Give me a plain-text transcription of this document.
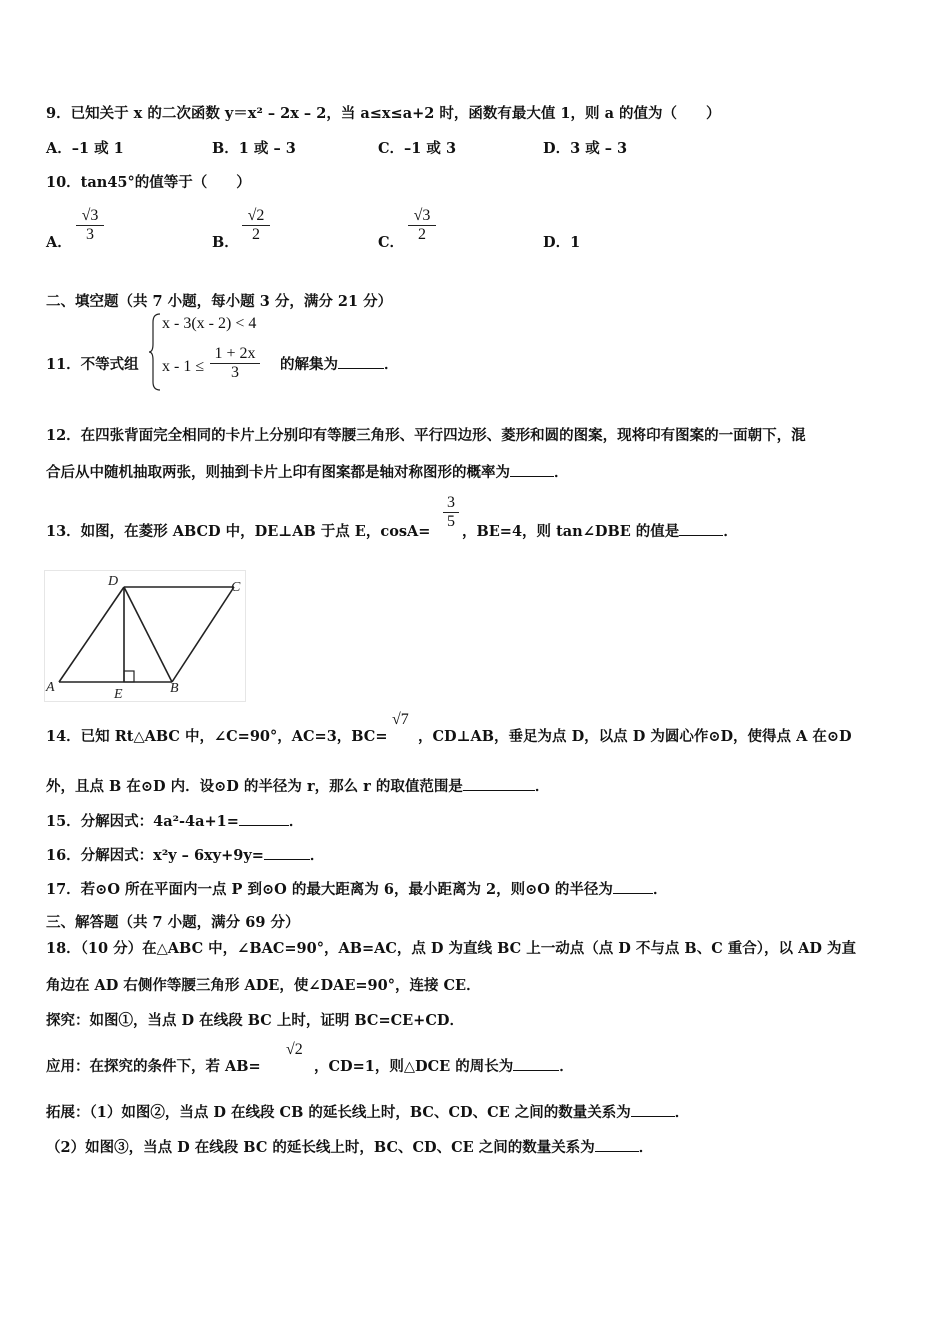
9．已知关于 x 的二次函数 y＝x² – 2x – 2，当 a≤x≤a+2 时，函数有最大值 1，则 a 的值为（　　）
A．–1 或 1	B．1 或 – 3	C．–1 或 3	D．3 或 – 3
10．tan45°的值等于（　　）
A． $\frac{√3}{3}$	B． $\frac{√2}{2}$	C． $\frac{√3}{2}$	D．1
二、填空题（共 7 小题，每小题 3 分，满分 21 分）
11．不等式组
x - 3(x - 2) < 4
$x - 1 \le \frac{1 + 2x}{3}$ 的解集为	．
12．在四张背面完全相同的卡片上分别印有等腰三角形、平行四边形、菱形和圆的图案，现将印有图案的一面朝下，混
合后从中随机抽取两张，则抽到卡片上印有图案都是轴对称图形的概率为	．
13．如图，在菱形 ABCD 中，DE⊥AB 于点 E，cosA=
$\frac{3}{5}$
，BE=4，则 tan∠DBE 的值是	．
D	C
A	B
E
14．已知 Rt△ABC 中，∠C=90°，AC=3，BC=
√7
，CD⊥AB，垂足为点 D，以点 D 为圆心作⊙D，使得点 A 在⊙D
外，且点 B 在⊙D 内．设⊙D 的半径为 r，那么 r 的取值范围是	．
15．分解因式：4a²-4a+1=	．
16．分解因式：x²y – 6xy+9y=	．
17．若⊙O 所在平面内一点 P 到⊙O 的最大距离为 6，最小距离为 2，则⊙O 的半径为	．
三、解答题（共 7 小题，满分 69 分）
18．（10 分）在△ABC 中，∠BAC=90°，AB=AC，点 D 为直线 BC 上一动点（点 D 不与点 B、C 重合），以 AD 为直
角边在 AD 右侧作等腰三角形 ADE，使∠DAE=90°，连接 CE．
探究：如图①，当点 D 在线段 BC 上时，证明 BC=CE+CD．
应用：在探究的条件下，若 AB=
√2
，CD=1，则△DCE 的周长为	．
拓展：（1）如图②，当点 D 在线段 CB 的延长线上时，BC、CD、CE 之间的数量关系为	．
（2）如图③，当点 D 在线段 BC 的延长线上时，BC、CD、CE 之间的数量关系为	．
